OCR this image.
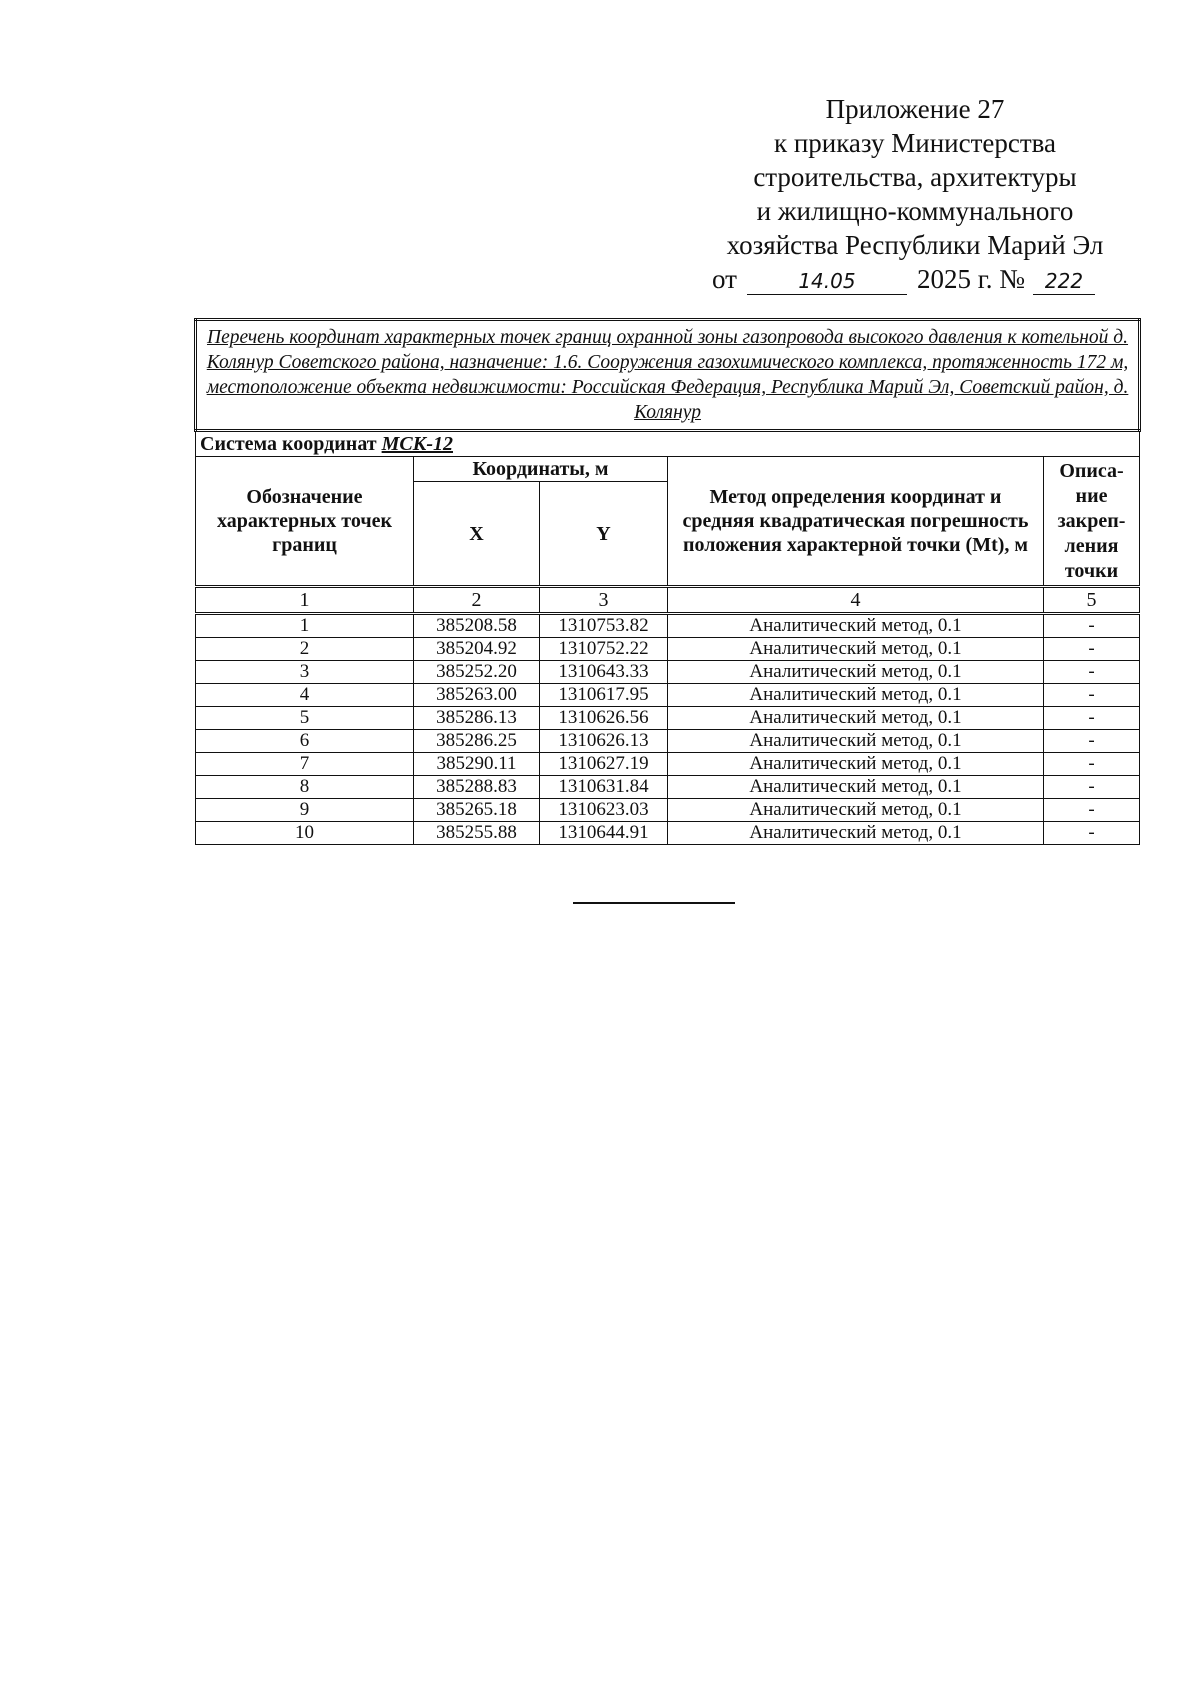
Приложение 27
к приказу Министерства
строительства, архитектуры
и жилищно-коммунального
хозяйства Республики Марий Эл
от	14.05 2025 г. № 222
Перечень координат характерных точек границ охранной зоны газопровода высокого давления к котельной д. Колянур Советского района, назначение: 1.6. Сооружения газохимического комплекса, протяженность 172 м, местоположение объекта недвижимости: Российская Федерация, Республика Марий Эл, Советский район, д. Колянур				
Система координат МСК-12				
Обозначение характерных точек границ	Координаты, м		Метод определения координат и средняя квадратическая погрешность положения характерной точки (Mt), м	Описа-ние закреп-ления точки
	X	Y		
1	2	3	4	5
1	385208.58	1310753.82	Аналитический метод, 0.1	-
2	385204.92	1310752.22	Аналитический метод, 0.1	-
3	385252.20	1310643.33	Аналитический метод, 0.1	-
4	385263.00	1310617.95	Аналитический метод, 0.1	-
5	385286.13	1310626.56	Аналитический метод, 0.1	-
6	385286.25	1310626.13	Аналитический метод, 0.1	-
7	385290.11	1310627.19	Аналитический метод, 0.1	-
8	385288.83	1310631.84	Аналитический метод, 0.1	-
9	385265.18	1310623.03	Аналитический метод, 0.1	-
10	385255.88	1310644.91	Аналитический метод, 0.1	-
